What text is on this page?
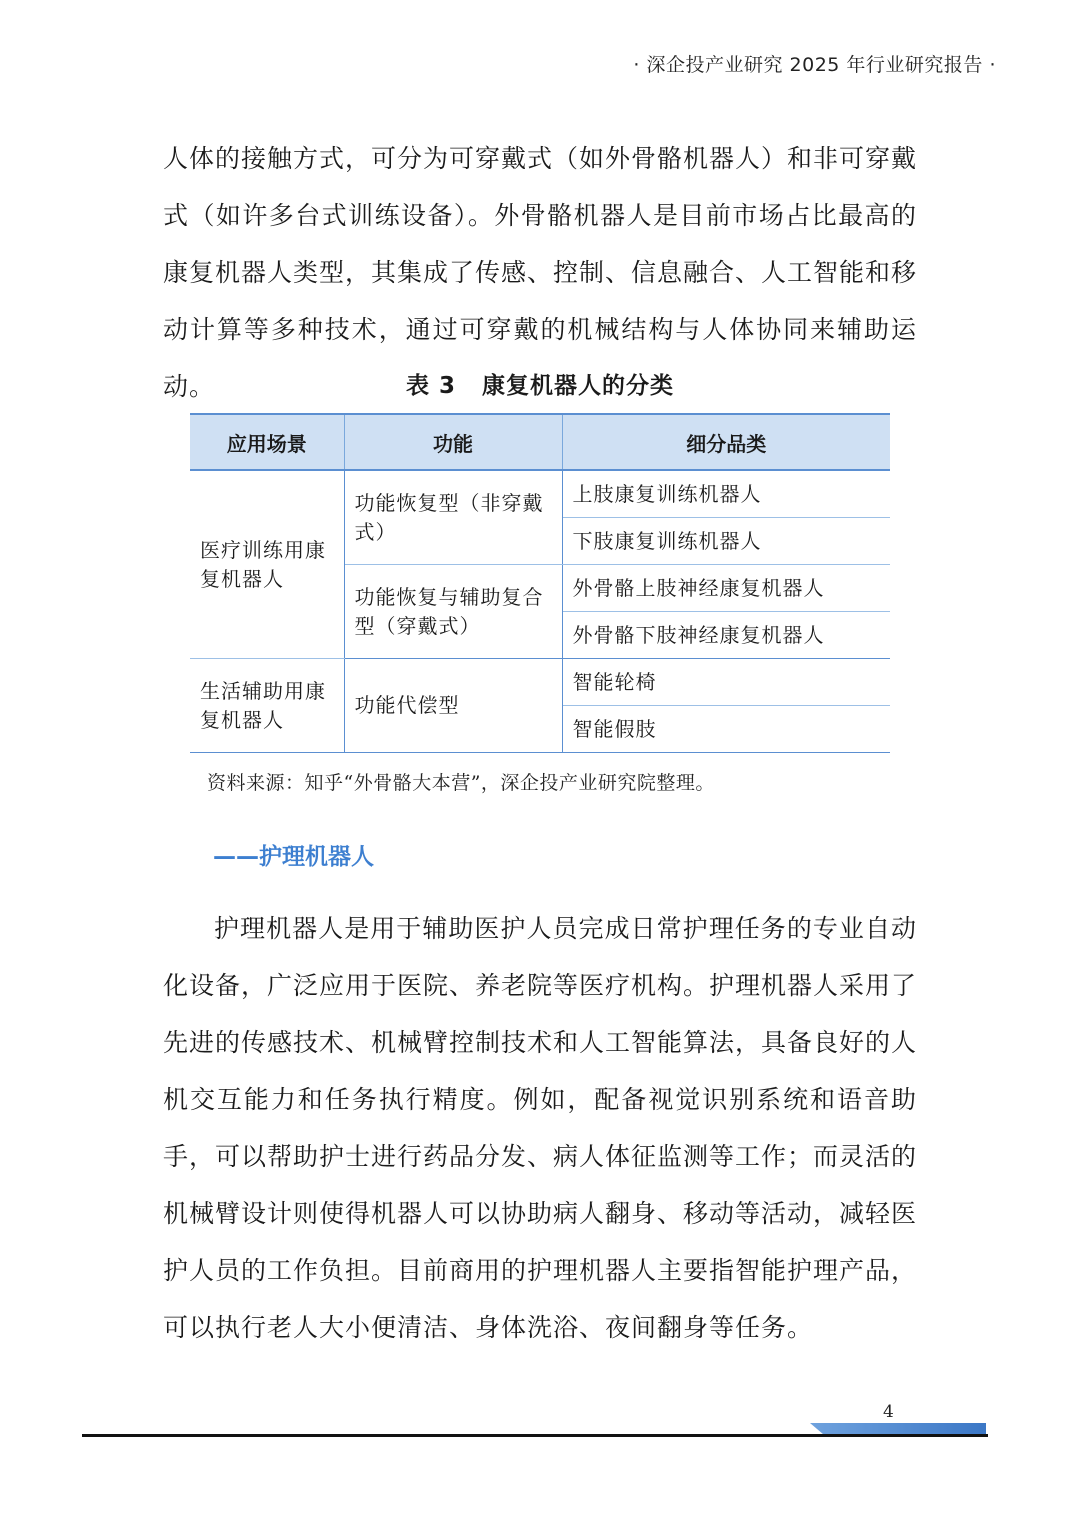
· 深企投产业研究 2025 年行业研究报告 ·

人体的接触方式，可分为可穿戴式（如外骨骼机器人）和非可穿戴式（如许多台式训练设备）。外骨骼机器人是目前市场占比最高的康复机器人类型，其集成了传感、控制、信息融合、人工智能和移动计算等多种技术，通过可穿戴的机械结构与人体协同来辅助运动。	表 3 康复机器人的分类
应用场景	功能	细分品类
医疗训练用康复机器人	功能恢复型（非穿戴式）	上肢康复训练机器人
		下肢康复训练机器人
	功能恢复与辅助复合型（穿戴式）	外骨骼上肢神经康复机器人
		外骨骼下肢神经康复机器人
生活辅助用康复机器人	功能代偿型	智能轮椅
		智能假肢
资料来源：知乎“外骨骼大本营”，深企投产业研究院整理。
——护理机器人

护理机器人是用于辅助医护人员完成日常护理任务的专业自动化设备，广泛应用于医院、养老院等医疗机构。护理机器人采用了先进的传感技术、机械臂控制技术和人工智能算法，具备良好的人机交互能力和任务执行精度。例如，配备视觉识别系统和语音助手，可以帮助护士进行药品分发、病人体征监测等工作；而灵活的机械臂设计则使得机器人可以协助病人翻身、移动等活动，减轻医护人员的工作负担。目前商用的护理机器人主要指智能护理产品，可以执行老人大小便清洁、身体洗浴、夜间翻身等任务。

4
